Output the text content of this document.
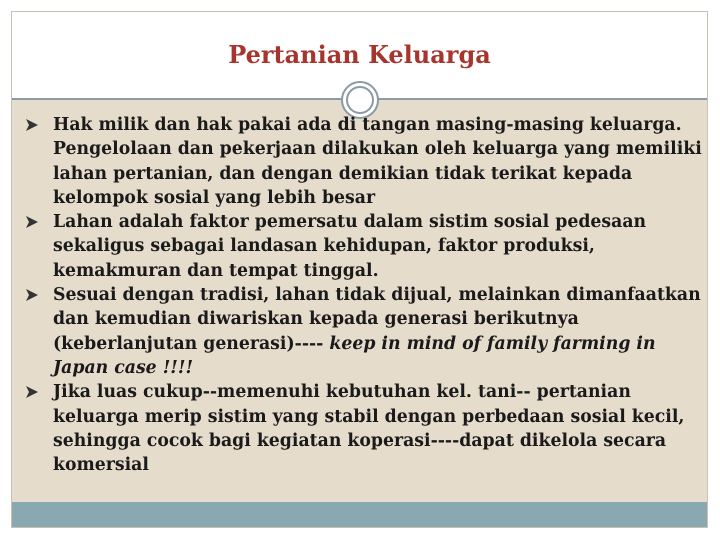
Pertanian Keluarga

Hak milik dan hak pakai ada di tangan masing-masing keluarga. Pengelolaan dan pekerjaan dilakukan oleh keluarga yang memiliki lahan pertanian, dan dengan demikian tidak terikat kepada kelompok sosial yang lebih besar

Lahan adalah faktor pemersatu dalam sistim sosial pedesaan sekaligus sebagai landasan kehidupan, faktor produksi, kemakmuran dan tempat tinggal.

Sesuai dengan tradisi, lahan tidak dijual, melainkan dimanfaatkan dan kemudian diwariskan kepada generasi berikutnya (keberlanjutan generasi)---- keep in mind of family farming in Japan case !!!!

Jika luas cukup--memenuhi kebutuhan kel. tani-- pertanian keluarga merip sistim yang stabil dengan perbedaan sosial kecil, sehingga cocok bagi kegiatan koperasi----dapat dikelola secara komersial
